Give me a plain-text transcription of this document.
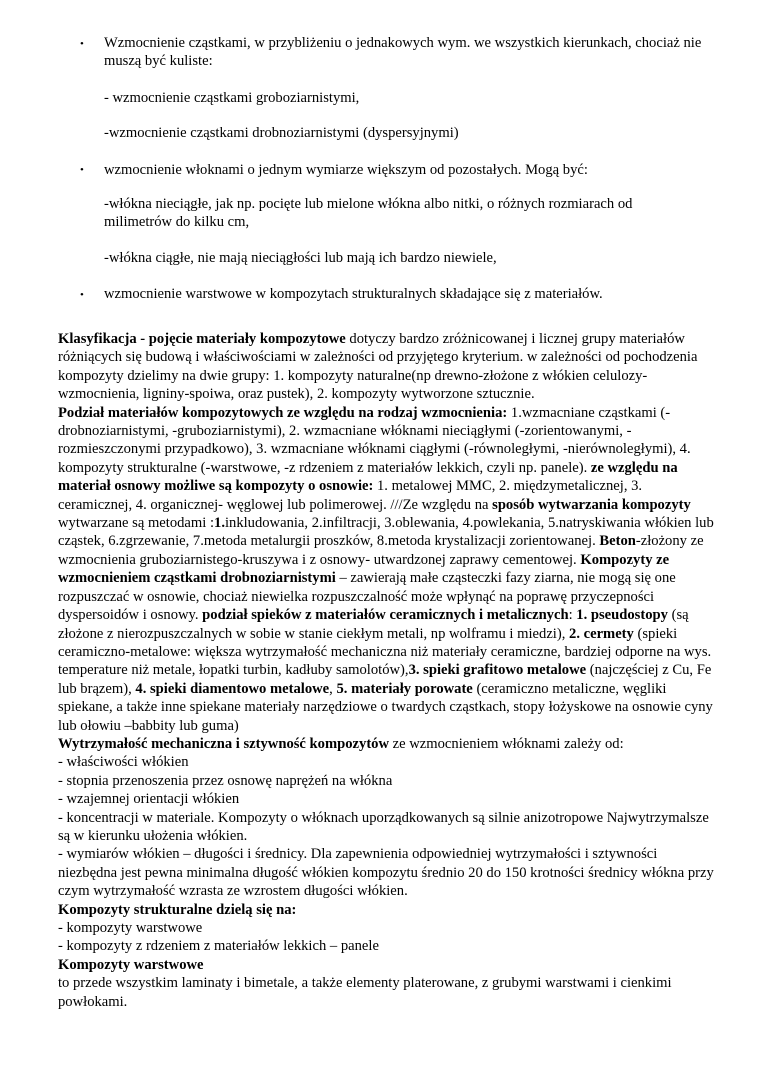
• Wzmocnienie cząstkami, w przybliżeniu o jednakowych wym. we wszystkich kierunkach, chociaż nie muszą być kuliste:
- wzmocnienie cząstkami groboziarnistymi,
-wzmocnienie cząstkami drobnoziarnistymi (dyspersyjnymi)
• wzmocnienie włoknami o jednym wymiarze większym od pozostałych. Mogą być:
-włókna nieciągłe, jak np. pocięte lub mielone włókna albo nitki, o różnych rozmiarach od milimetrów do kilku cm,
-włókna ciągłe, nie mają nieciągłości lub mają ich bardzo niewiele,
• wzmocnienie warstwowe w kompozytach strukturalnych składające się z materiałów.

Klasyfikacja - pojęcie materiały kompozytowe dotyczy bardzo zróżnicowanej i licznej grupy materiałów różniących się budową i właściwościami w zależności od przyjętego kryterium. w zależności od pochodzenia kompozyty dzielimy na dwie grupy: 1. kompozyty naturalne(np drewno-złożone z włókien celulozy-wzmocnienia, ligniny-spoiwa, oraz pustek), 2. kompozyty wytworzone sztucznie.
Podział materiałów kompozytowych ze względu na rodzaj wzmocnienia: 1.wzmacniane cząstkami (-drobnoziarnistymi, -gruboziarnistymi), 2. wzmacniane włóknami nieciągłymi (-zorientowanymi, -rozmieszczonymi przypadkowo), 3. wzmacniane włóknami ciągłymi (-równoległymi, -nierównoległymi), 4. kompozyty strukturalne (-warstwowe, -z rdzeniem z materiałów lekkich, czyli np. panele). ze względu na materiał osnowy możliwe są kompozyty o osnowie: 1. metalowej MMC, 2. międzymetalicznej, 3. ceramicznej, 4. organicznej- węglowej lub polimerowej. ///Ze względu na sposób wytwarzania kompozyty wytwarzane są metodami :1.inkludowania, 2.infiltracji, 3.oblewania, 4.powlekania, 5.natryskiwania włókien lub cząstek, 6.zgrzewanie, 7.metoda metalurgii proszków, 8.metoda krystalizacji zorientowanej. Beton-złożony ze wzmocnienia gruboziarnistego-kruszywa i z osnowy- utwardzonej zaprawy cementowej. Kompozyty ze wzmocnieniem cząstkami drobnoziarnistymi – zawierają małe cząsteczki fazy ziarna, nie mogą się one rozpuszczać w osnowie, chociaż niewielka rozpuszczalność może wpłynąć na poprawę przyczepności dyspersoidów i osnowy. podział spieków z materiałów ceramicznych i metalicznych: 1. pseudostopy (są złożone z nierozpuszczalnych w sobie w stanie ciekłym metali, np wolframu i miedzi), 2. cermety (spieki ceramiczno-metalowe: większa wytrzymałość mechaniczna niż materiały ceramiczne, bardziej odporne na wys. temperature niż metale, łopatki turbin, kadłuby samolotów),3. spieki grafitowo metalowe (najczęściej z Cu, Fe lub brązem), 4. spieki diamentowo metalowe, 5. materiały porowate (ceramiczno metaliczne, węgliki spiekane, a także inne spiekane materiały narzędziowe o twardych cząstkach, stopy łożyskowe na osnowie cyny lub ołowiu –babbity lub guma)

Wytrzymałość mechaniczna i sztywność kompozytów ze wzmocnieniem włóknami zależy od:
- właściwości włókien
- stopnia przenoszenia przez osnowę naprężeń na włókna
- wzajemnej orientacji włókien
- koncentracji w materiale. Kompozyty o włóknach uporządkowanych są silnie anizotropowe Najwytrzymalsze są w kierunku ułożenia włókien.
- wymiarów włókien – długości i średnicy. Dla zapewnienia odpowiedniej wytrzymałości i sztywności niezbędna jest pewna minimalna długość włókien kompozytu średnio 20 do 150 krotności średnicy włókna przy czym wytrzymałość wzrasta ze wzrostem długości włókien.

Kompozyty strukturalne dzielą się na:
- kompozyty warstwowe
- kompozyty z rdzeniem z materiałów lekkich – panele

Kompozyty warstwowe
to przede wszystkim laminaty i bimetale, a także elementy platerowane, z grubymi warstwami i cienkimi powłokami.
